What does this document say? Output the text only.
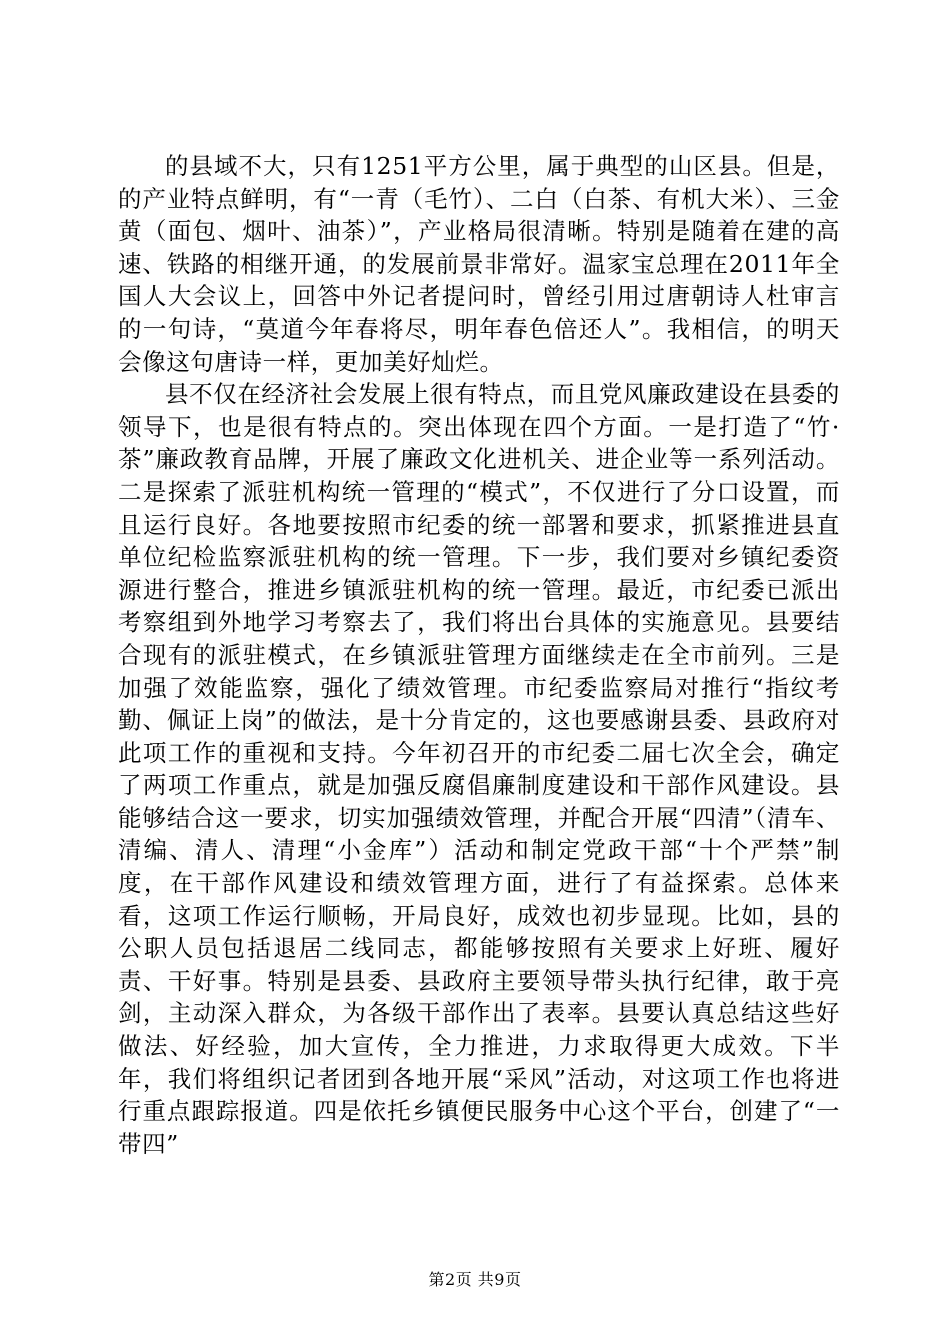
的县域不大，只有1251平方公里，属于典型的山区县。但是，的产业特点鲜明，有“一青（毛竹）、二白（白茶、有机大米）、三金黄（面包、烟叶、油茶）”，产业格局很清晰。特别是随着在建的高速、铁路的相继开通，的发展前景非常好。温家宝总理在2011年全国人大会议上，回答中外记者提问时，曾经引用过唐朝诗人杜审言的一句诗，“莫道今年春将尽，明年春色倍还人”。我相信，的明天会像这句唐诗一样，更加美好灿烂。

县不仅在经济社会发展上很有特点，而且党风廉政建设在县委的领导下，也是很有特点的。突出体现在四个方面。一是打造了“竹·茶”廉政教育品牌，开展了廉政文化进机关、进企业等一系列活动。二是探索了派驻机构统一管理的“模式”，不仅进行了分口设置，而且运行良好。各地要按照市纪委的统一部署和要求，抓紧推进县直单位纪检监察派驻机构的统一管理。下一步，我们要对乡镇纪委资源进行整合，推进乡镇派驻机构的统一管理。最近，市纪委已派出考察组到外地学习考察去了，我们将出台具体的实施意见。县要结合现有的派驻模式，在乡镇派驻管理方面继续走在全市前列。三是加强了效能监察，强化了绩效管理。市纪委监察局对推行“指纹考勤、佩证上岗”的做法，是十分肯定的，这也要感谢县委、县政府对此项工作的重视和支持。今年初召开的市纪委二届七次全会，确定了两项工作重点，就是加强反腐倡廉制度建设和干部作风建设。县能够结合这一要求，切实加强绩效管理，并配合开展“四清”（清车、清编、清人、清理“小金库”）活动和制定党政干部“十个严禁”制度，在干部作风建设和绩效管理方面，进行了有益探索。总体来看，这项工作运行顺畅，开局良好，成效也初步显现。比如，县的公职人员包括退居二线同志，都能够按照有关要求上好班、履好责、干好事。特别是县委、县政府主要领导带头执行纪律，敢于亮剑，主动深入群众，为各级干部作出了表率。县要认真总结这些好做法、好经验，加大宣传，全力推进，力求取得更大成效。下半年，我们将组织记者团到各地开展“采风”活动，对这项工作也将进行重点跟踪报道。四是依托乡镇便民服务中心这个平台，创建了“一带四”

第2页 共9页
